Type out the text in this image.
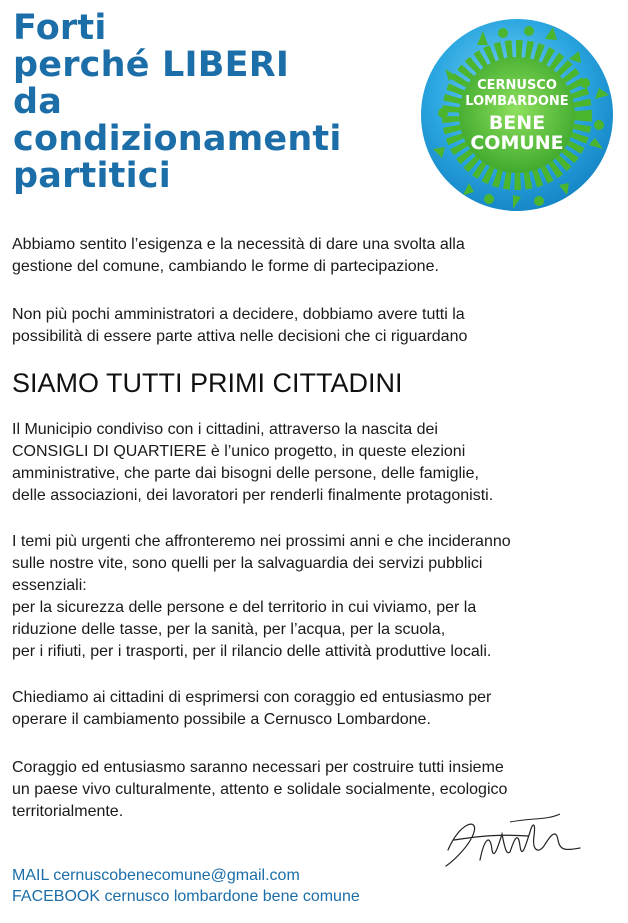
Forti
perché LIBERI
da
condizionamenti
partitici
CERNUSCO
LOMBARDONE
BENE
COMUNE

Abbiamo sentito l’esigenza e la necessità di dare una svolta alla
gestione del comune, cambiando le forme di partecipazione.

Non più pochi amministratori a decidere, dobbiamo avere tutti la
possibilità di essere parte attiva nelle decisioni che ci riguardano

SIAMO TUTTI PRIMI CITTADINI

Il Municipio condiviso con i cittadini, attraverso la nascita dei
CONSIGLI DI QUARTIERE è l’unico progetto, in queste elezioni
amministrative, che parte dai bisogni delle persone, delle famiglie,
delle associazioni, dei lavoratori per renderli finalmente protagonisti.

I temi più urgenti che affronteremo nei prossimi anni e che incideranno
sulle nostre vite, sono quelli per la salvaguardia dei servizi pubblici
essenziali:
per la sicurezza delle persone e del territorio in cui viviamo, per la
riduzione delle tasse, per la sanità, per l’acqua, per la scuola,
per i rifiuti, per i trasporti, per il rilancio delle attività produttive locali.

Chiediamo ai cittadini di esprimersi con coraggio ed entusiasmo per
operare il cambiamento possibile a Cernusco Lombardone.

Coraggio ed entusiasmo saranno necessari per costruire tutti insieme
un paese vivo culturalmente, attento e solidale socialmente, ecologico
territorialmente.

MAIL cernuscobenecomune@gmail.com

FACEBOOK cernusco lombardone bene comune
